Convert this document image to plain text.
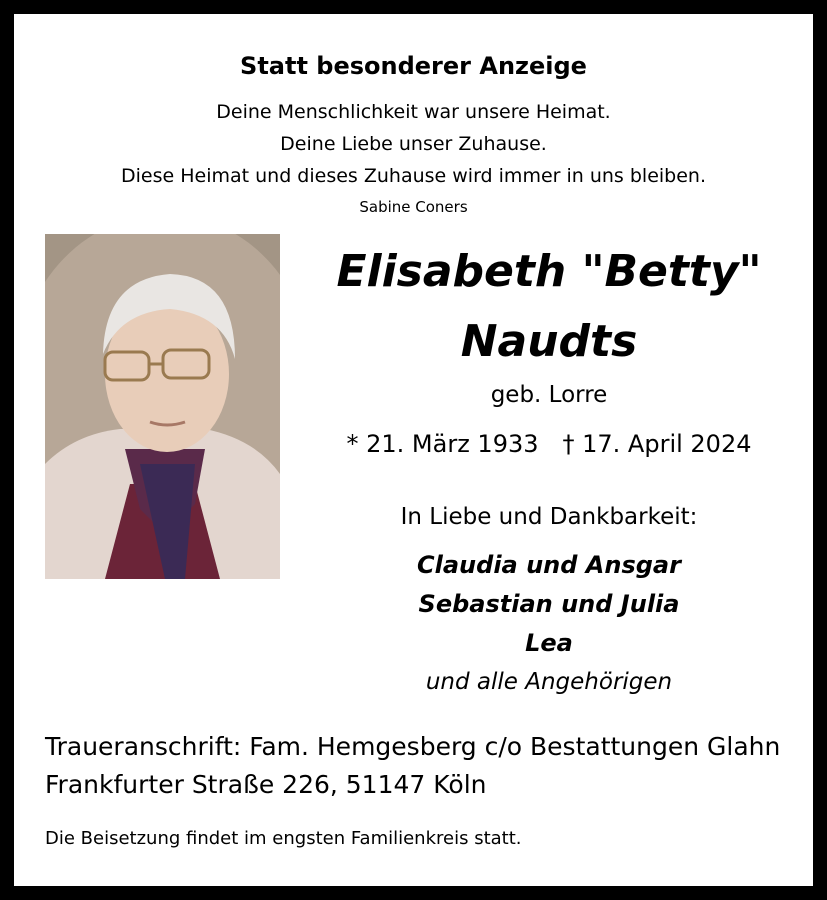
Statt besonderer Anzeige
Deine Menschlichkeit war unsere Heimat.
Deine Liebe unser Zuhause.
Diese Heimat und dieses Zuhause wird immer in uns bleiben.
Sabine Coners
Elisabeth "Betty"
Naudts
geb. Lorre
* 21. März 1933 † 17. April 2024
In Liebe und Dankbarkeit:
Claudia und Ansgar
Sebastian und Julia
Lea
und alle Angehörigen
Traueranschrift: Fam. Hemgesberg c/o Bestattungen Glahn
Frankfurter Straße 226, 51147 Köln
Die Beisetzung findet im engsten Familienkreis statt.
